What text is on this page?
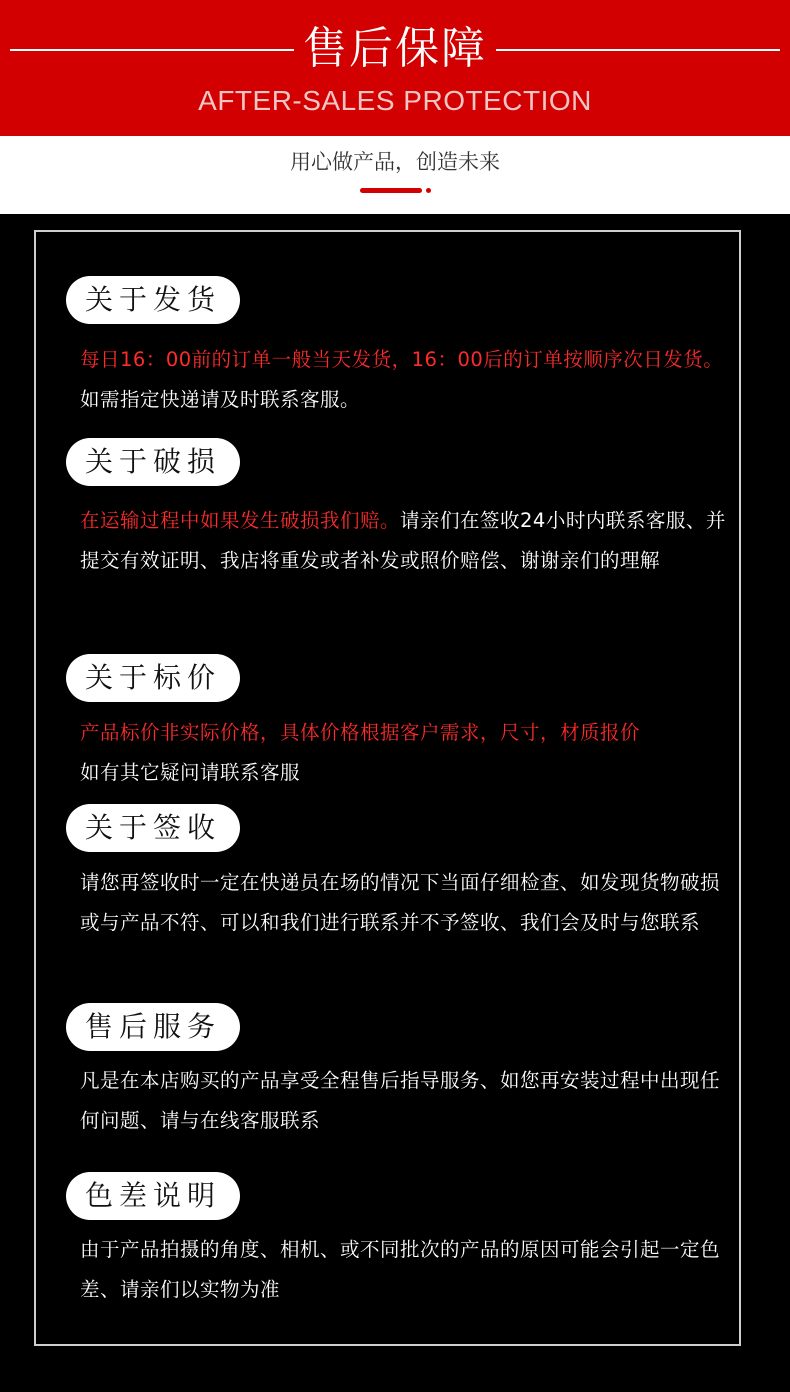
售后保障
AFTER-SALES PROTECTION
用心做产品，创造未来
关于发货
每日16：00前的订单一般当天发货，16：00后的订单按顺序次日发货。如需指定快递请及时联系客服。
关于破损
在运输过程中如果发生破损我们赔。请亲们在签收24小时内联系客服、并提交有效证明、我店将重发或者补发或照价赔偿、谢谢亲们的理解
关于标价
产品标价非实际价格，具体价格根据客户需求，尺寸，材质报价
如有其它疑问请联系客服
关于签收
请您再签收时一定在快递员在场的情况下当面仔细检查、如发现货物破损或与产品不符、可以和我们进行联系并不予签收、我们会及时与您联系
售后服务
凡是在本店购买的产品享受全程售后指导服务、如您再安装过程中出现任何问题、请与在线客服联系
色差说明
由于产品拍摄的角度、相机、或不同批次的产品的原因可能会引起一定色差、请亲们以实物为准
